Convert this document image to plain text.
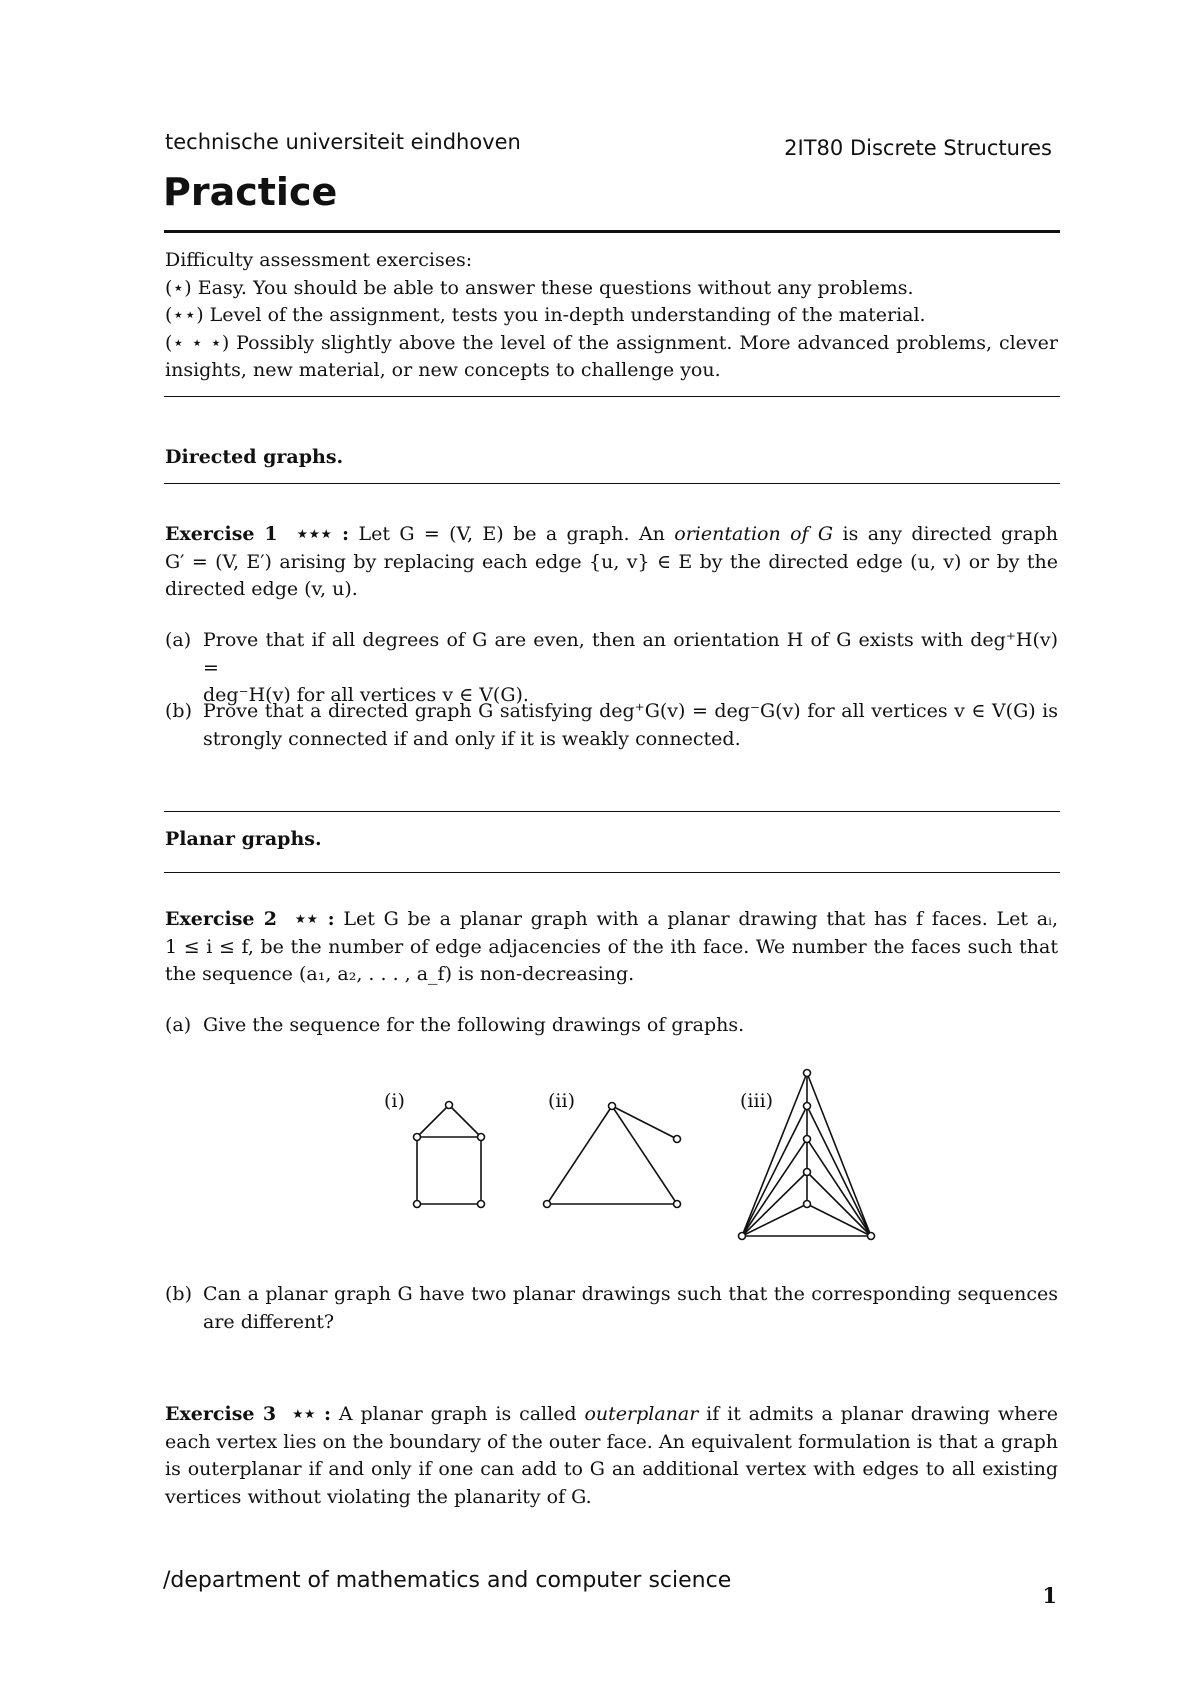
technische universiteit eindhoven	2IT80 Discrete Structures
Practice
Difficulty assessment exercises:
(⋆) Easy. You should be able to answer these questions without any problems.
(⋆⋆) Level of the assignment, tests you in-depth understanding of the material.
(⋆ ⋆ ⋆) Possibly slightly above the level of the assignment. More advanced problems, clever
insights, new material, or new concepts to challenge you.
Directed graphs.
Exercise 1 ⋆⋆⋆ : Let G = (V, E) be a graph. An orientation of G is any directed graph
G′ = (V, E′) arising by replacing each edge {u, v} ∈ E by the directed edge (u, v) or by the
directed edge (v, u).
(a) Prove that if all degrees of G are even, then an orientation H of G exists with deg⁺H(v) =
deg⁻H(v) for all vertices v ∈ V(G).
(b) Prove that a directed graph G satisfying deg⁺G(v) = deg⁻G(v) for all vertices v ∈ V(G) is
strongly connected if and only if it is weakly connected.
Planar graphs.
Exercise 2 ⋆⋆ : Let G be a planar graph with a planar drawing that has f faces. Let aᵢ,
1 ≤ i ≤ f, be the number of edge adjacencies of the ith face. We number the faces such that
the sequence (a₁, a₂, . . . , a_f) is non-decreasing.
(a) Give the sequence for the following drawings of graphs.
(i)	(ii)	(iii)
(b) Can a planar graph G have two planar drawings such that the corresponding sequences
are different?
Exercise 3 ⋆⋆ : A planar graph is called outerplanar if it admits a planar drawing where
each vertex lies on the boundary of the outer face. An equivalent formulation is that a graph
is outerplanar if and only if one can add to G an additional vertex with edges to all existing
vertices without violating the planarity of G.
/department of mathematics and computer science
1
